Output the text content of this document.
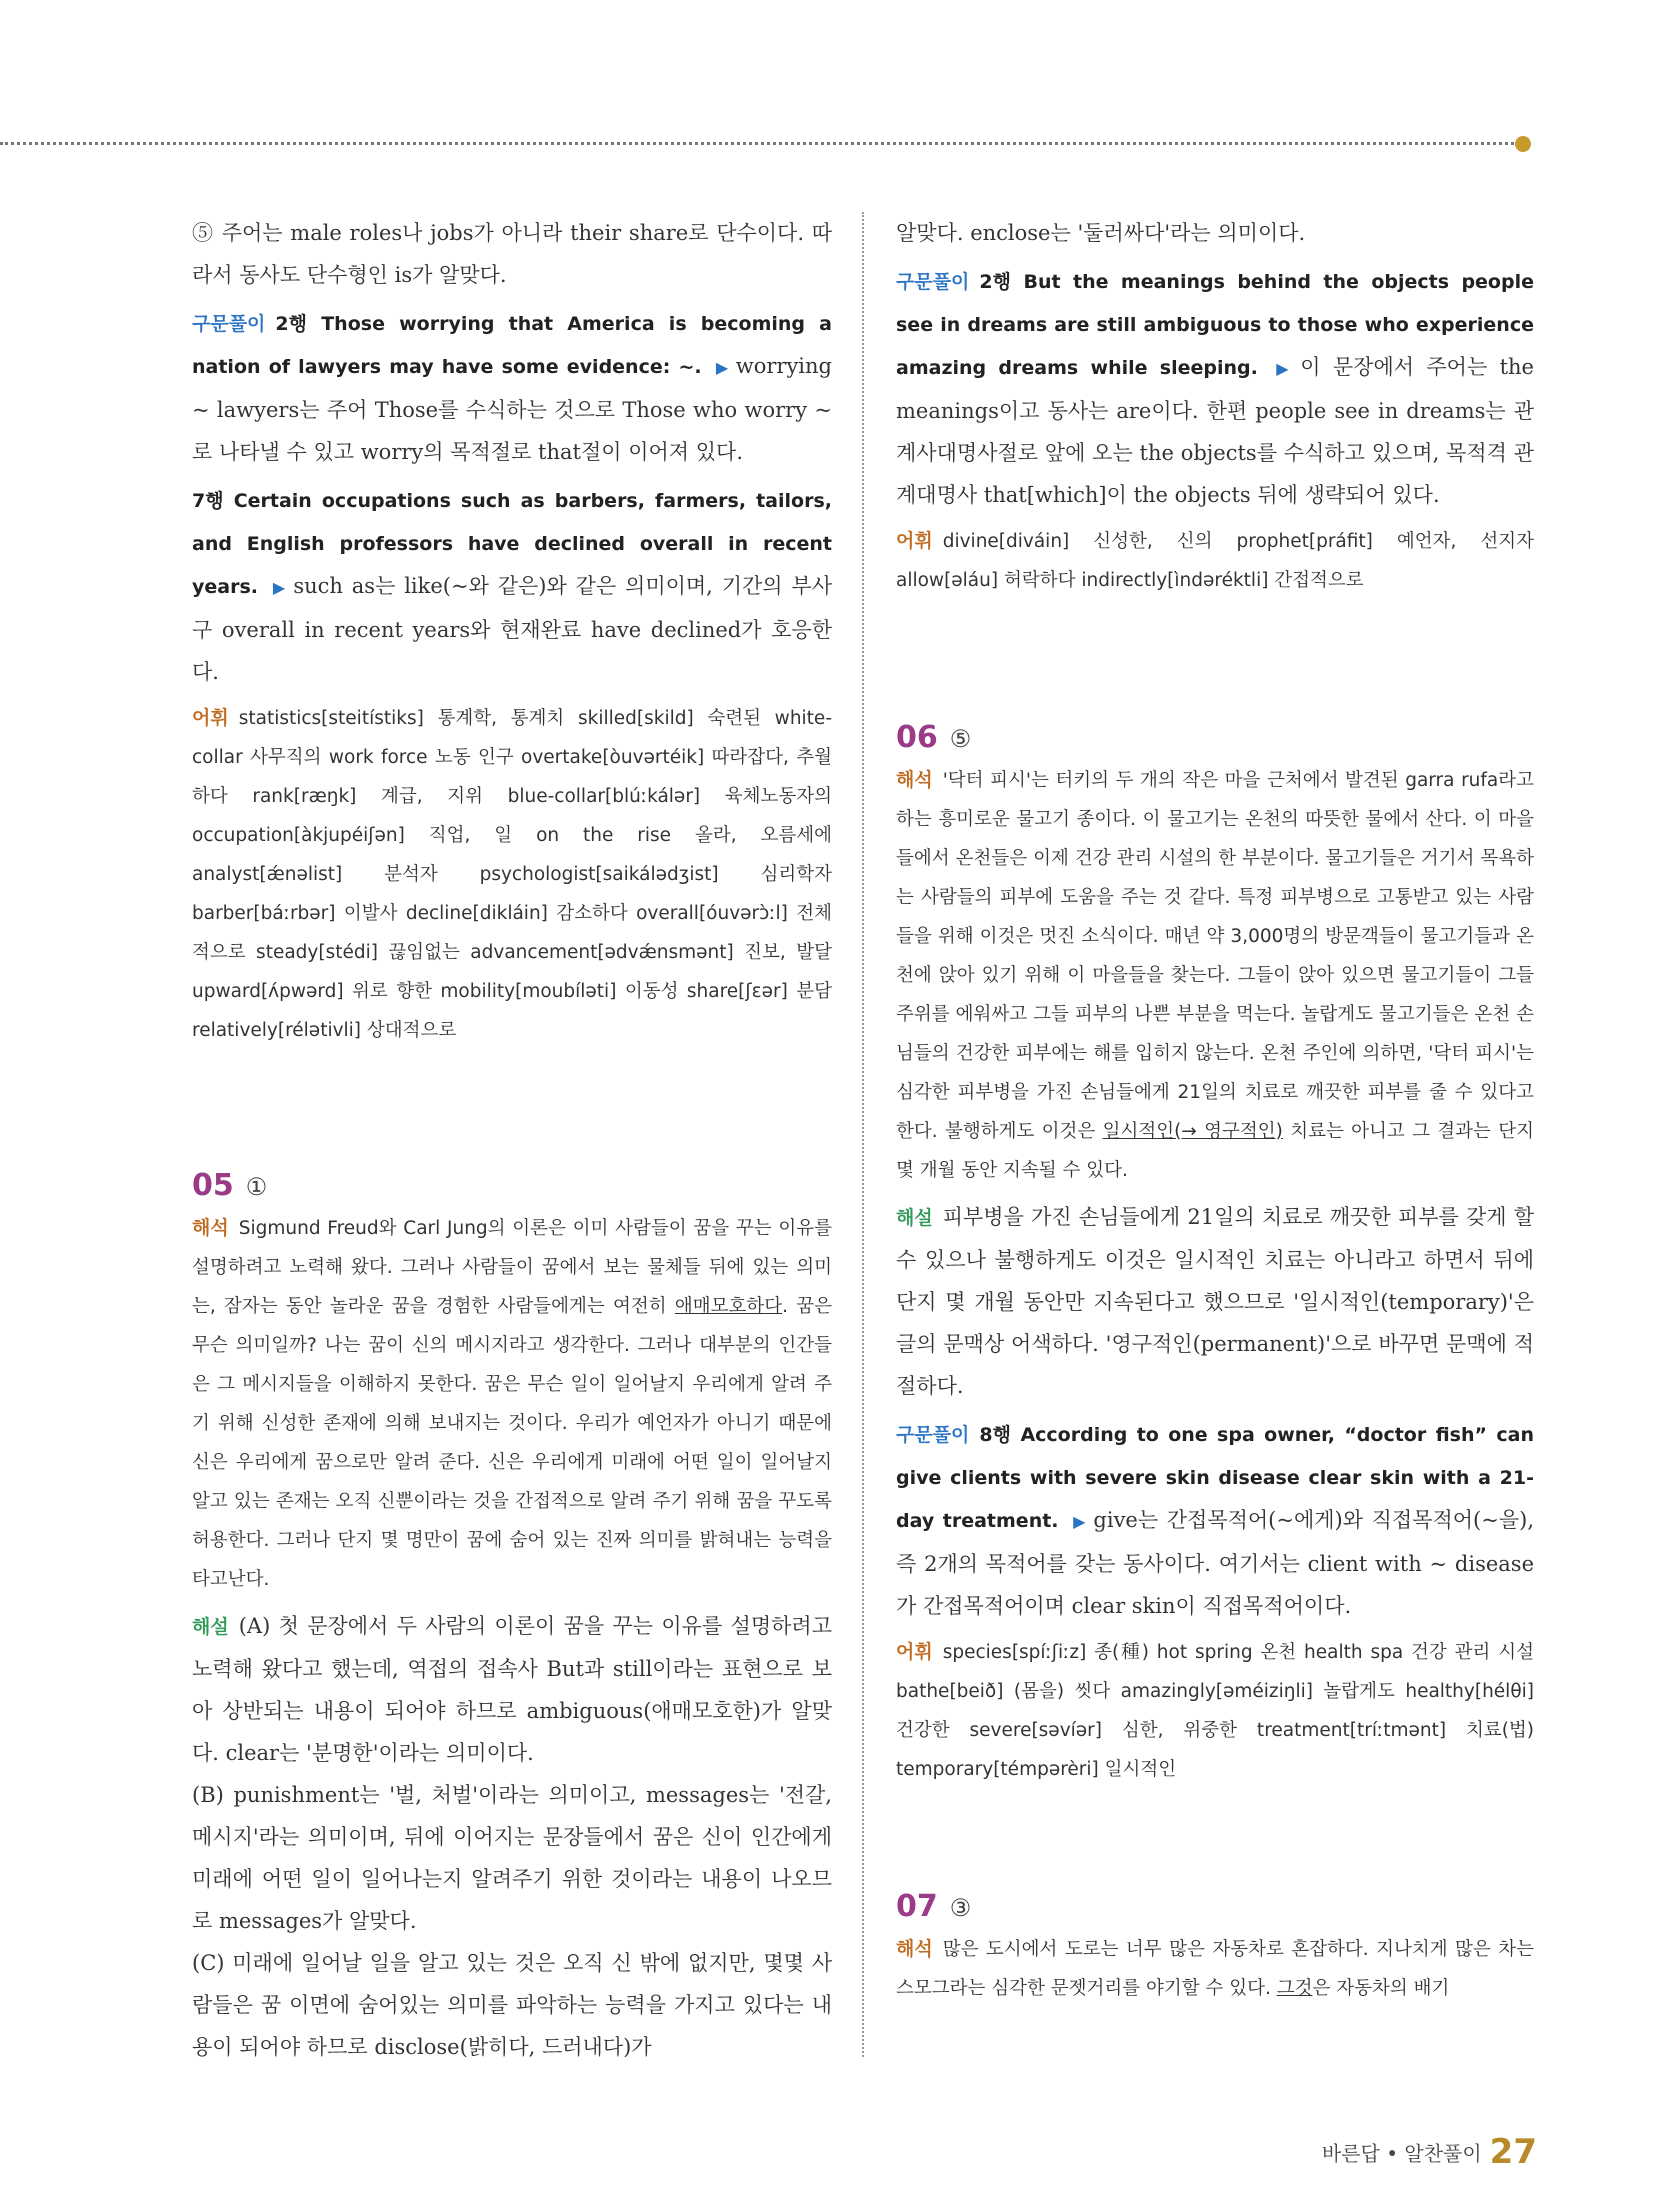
⑤ 주어는 male roles나 jobs가 아니라 their share로 단수이다. 따라서 동사도 단수형인 is가 알맞다.

구문풀이 2행 Those worrying that America is becoming a nation of lawyers may have some evidence: ~. ▶ worrying ~ lawyers는 주어 Those를 수식하는 것으로 Those who worry ~로 나타낼 수 있고 worry의 목적절로 that절이 이어져 있다.

7행 Certain occupations such as barbers, farmers, tailors, and English professors have declined overall in recent years. ▶ such as는 like(~와 같은)와 같은 의미이며, 기간의 부사구 overall in recent years와 현재완료 have declined가 호응한다.

어휘 statistics[steitístiks] 통계학, 통계치 skilled[skild] 숙련된 white-collar 사무직의 work force 노동 인구 overtake[òuvərtéik] 따라잡다, 추월하다 rank[ræŋk] 계급, 지위 blue-collar[blúːkálər] 육체노동자의 occupation[àkjupéiʃən] 직업, 일 on the rise 올라, 오름세에 analyst[ǽnəlist] 분석자 psychologist[saikálədʒist] 심리학자 barber[báːrbər] 이발사 decline[dikláin] 감소하다 overall[óuvərɔ̀ːl] 전체적으로 steady[stédi] 끊임없는 advancement[ədvǽnsmənt] 진보, 발달 upward[ʌ́pwərd] 위로 향한 mobility[moubíləti] 이동성 share[ʃɛər] 분담 relatively[rélətivli] 상대적으로

05 ①

해석 Sigmund Freud와 Carl Jung의 이론은 이미 사람들이 꿈을 꾸는 이유를 설명하려고 노력해 왔다. 그러나 사람들이 꿈에서 보는 물체들 뒤에 있는 의미는, 잠자는 동안 놀라운 꿈을 경험한 사람들에게는 여전히 애매모호하다. 꿈은 무슨 의미일까? 나는 꿈이 신의 메시지라고 생각한다. 그러나 대부분의 인간들은 그 메시지들을 이해하지 못한다. 꿈은 무슨 일이 일어날지 우리에게 알려 주기 위해 신성한 존재에 의해 보내지는 것이다. 우리가 예언자가 아니기 때문에 신은 우리에게 꿈으로만 알려 준다. 신은 우리에게 미래에 어떤 일이 일어날지 알고 있는 존재는 오직 신뿐이라는 것을 간접적으로 알려 주기 위해 꿈을 꾸도록 허용한다. 그러나 단지 몇 명만이 꿈에 숨어 있는 진짜 의미를 밝혀내는 능력을 타고난다.

해설 (A) 첫 문장에서 두 사람의 이론이 꿈을 꾸는 이유를 설명하려고 노력해 왔다고 했는데, 역접의 접속사 But과 still이라는 표현으로 보아 상반되는 내용이 되어야 하므로 ambiguous(애매모호한)가 알맞다. clear는 '분명한'이라는 의미이다.

(B) punishment는 '벌, 처벌'이라는 의미이고, messages는 '전갈, 메시지'라는 의미이며, 뒤에 이어지는 문장들에서 꿈은 신이 인간에게 미래에 어떤 일이 일어나는지 알려주기 위한 것이라는 내용이 나오므로 messages가 알맞다.

(C) 미래에 일어날 일을 알고 있는 것은 오직 신 밖에 없지만, 몇몇 사람들은 꿈 이면에 숨어있는 의미를 파악하는 능력을 가지고 있다는 내용이 되어야 하므로 disclose(밝히다, 드러내다)가

알맞다. enclose는 '둘러싸다'라는 의미이다.

구문풀이 2행 But the meanings behind the objects people see in dreams are still ambiguous to those who experience amazing dreams while sleeping. ▶ 이 문장에서 주어는 the meanings이고 동사는 are이다. 한편 people see in dreams는 관계사대명사절로 앞에 오는 the objects를 수식하고 있으며, 목적격 관계대명사 that[which]이 the objects 뒤에 생략되어 있다.

어휘 divine[diváin] 신성한, 신의 prophet[práfit] 예언자, 선지자 allow[əláu] 허락하다 indirectly[ìndəréktli] 간접적으로

06 ⑤

해석 '닥터 피시'는 터키의 두 개의 작은 마을 근처에서 발견된 garra rufa라고 하는 흥미로운 물고기 종이다. 이 물고기는 온천의 따뜻한 물에서 산다. 이 마을들에서 온천들은 이제 건강 관리 시설의 한 부분이다. 물고기들은 거기서 목욕하는 사람들의 피부에 도움을 주는 것 같다. 특정 피부병으로 고통받고 있는 사람들을 위해 이것은 멋진 소식이다. 매년 약 3,000명의 방문객들이 물고기들과 온천에 앉아 있기 위해 이 마을들을 찾는다. 그들이 앉아 있으면 물고기들이 그들 주위를 에워싸고 그들 피부의 나쁜 부분을 먹는다. 놀랍게도 물고기들은 온천 손님들의 건강한 피부에는 해를 입히지 않는다. 온천 주인에 의하면, '닥터 피시'는 심각한 피부병을 가진 손님들에게 21일의 치료로 깨끗한 피부를 줄 수 있다고 한다. 불행하게도 이것은 일시적인(→ 영구적인) 치료는 아니고 그 결과는 단지 몇 개월 동안 지속될 수 있다.

해설 피부병을 가진 손님들에게 21일의 치료로 깨끗한 피부를 갖게 할 수 있으나 불행하게도 이것은 일시적인 치료는 아니라고 하면서 뒤에 단지 몇 개월 동안만 지속된다고 했으므로 '일시적인(temporary)'은 글의 문맥상 어색하다. '영구적인(permanent)'으로 바꾸면 문맥에 적절하다.

구문풀이 8행 According to one spa owner, “doctor fish” can give clients with severe skin disease clear skin with a 21-day treatment. ▶ give는 간접목적어(~에게)와 직접목적어(~을), 즉 2개의 목적어를 갖는 동사이다. 여기서는 client with ~ disease가 간접목적어이며 clear skin이 직접목적어이다.

어휘 species[spíːʃiːz] 종(種) hot spring 온천 health spa 건강 관리 시설 bathe[beið] (몸을) 씻다 amazingly[əméiziŋli] 놀랍게도 healthy[hélθi] 건강한 severe[səvíər] 심한, 위중한 treatment[tríːtmənt] 치료(법) temporary[témpərèri] 일시적인

07 ③

해석 많은 도시에서 도로는 너무 많은 자동차로 혼잡하다. 지나치게 많은 차는 스모그라는 심각한 문젯거리를 야기할 수 있다. 그것은 자동차의 배기

바른답 • 알찬풀이 27
